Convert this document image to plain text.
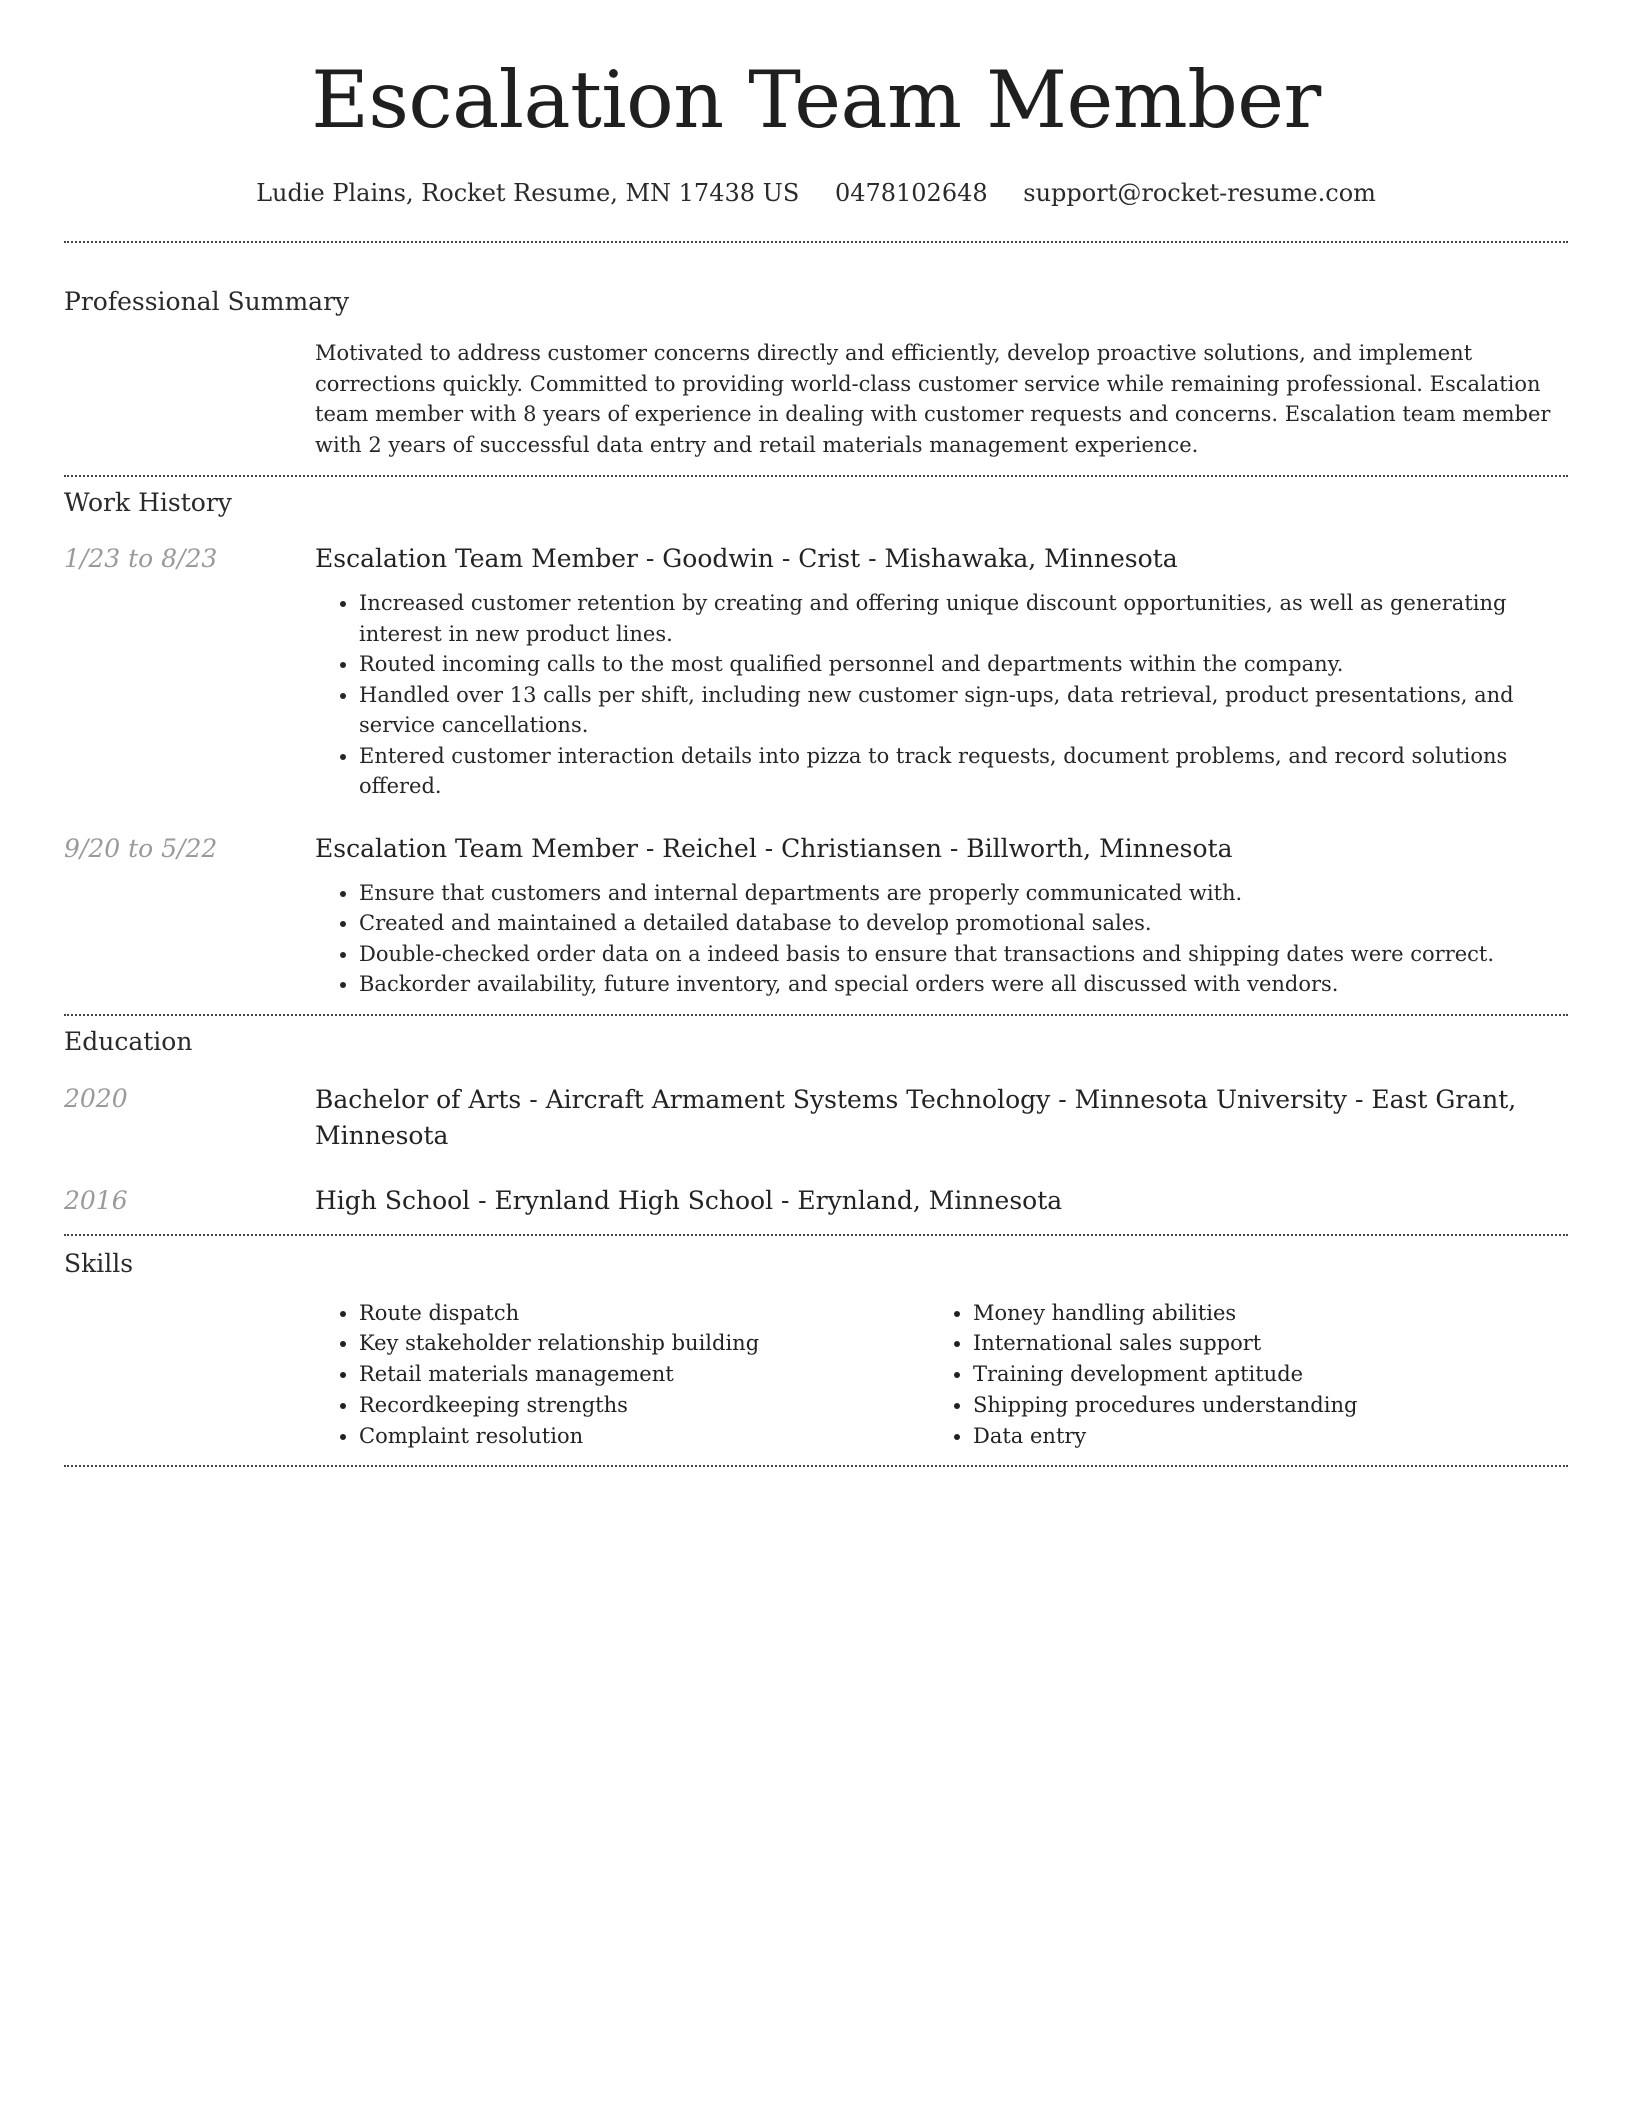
Escalation Team Member
Ludie Plains, Rocket Resume, MN 17438 US 0478102648 support@rocket-resume.com
Professional Summary
Motivated to address customer concerns directly and efficiently, develop proactive solutions, and implement corrections quickly. Committed to providing world-class customer service while remaining professional. Escalation team member with 8 years of experience in dealing with customer requests and concerns. Escalation team member with 2 years of successful data entry and retail materials management experience.
Work History
1/23 to 8/23	Escalation Team Member - Goodwin - Crist - Mishawaka, Minnesota
• Increased customer retention by creating and offering unique discount opportunities, as well as generating interest in new product lines.
• Routed incoming calls to the most qualified personnel and departments within the company.
• Handled over 13 calls per shift, including new customer sign-ups, data retrieval, product presentations, and service cancellations.
• Entered customer interaction details into pizza to track requests, document problems, and record solutions offered.
9/20 to 5/22	Escalation Team Member - Reichel - Christiansen - Billworth, Minnesota
• Ensure that customers and internal departments are properly communicated with.
• Created and maintained a detailed database to develop promotional sales.
• Double-checked order data on a indeed basis to ensure that transactions and shipping dates were correct.
• Backorder availability, future inventory, and special orders were all discussed with vendors.
Education
2020	Bachelor of Arts - Aircraft Armament Systems Technology - Minnesota University - East Grant, Minnesota
2016	High School - Erynland High School - Erynland, Minnesota
Skills
• Route dispatch
• Key stakeholder relationship building
• Retail materials management
• Recordkeeping strengths
• Complaint resolution
• Money handling abilities
• International sales support
• Training development aptitude
• Shipping procedures understanding
• Data entry
